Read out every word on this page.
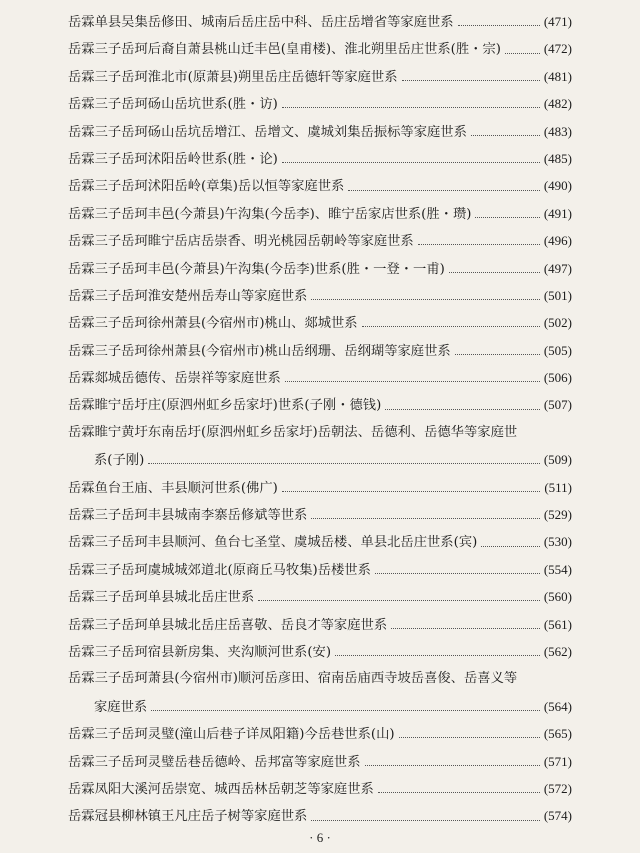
岳霖单县吴集岳修田、城南后岳庄岳中科、岳庄岳增省等家庭世系	(471)
岳霖三子岳珂后裔自萧县桃山迁丰邑(皇甫楼)、淮北朔里岳庄世系(胜・宗)	(472)
岳霖三子岳珂淮北市(原萧县)朔里岳庄岳德轩等家庭世系	(481)
岳霖三子岳珂砀山岳坑世系(胜・访)	(482)
岳霖三子岳珂砀山岳坑岳增江、岳增文、虞城刘集岳振标等家庭世系	(483)
岳霖三子岳珂沭阳岳岭世系(胜・论)	(485)
岳霖三子岳珂沭阳岳岭(章集)岳以恒等家庭世系	(490)
岳霖三子岳珂丰邑(今萧县)午沟集(今岳李)、睢宁岳家店世系(胜・瓒)	(491)
岳霖三子岳珂睢宁岳店岳崇香、明光桃园岳朝岭等家庭世系	(496)
岳霖三子岳珂丰邑(今萧县)午沟集(今岳李)世系(胜・一登・一甫)	(497)
岳霖三子岳珂淮安楚州岳寿山等家庭世系	(501)
岳霖三子岳珂徐州萧县(今宿州市)桃山、郯城世系	(502)
岳霖三子岳珂徐州萧县(今宿州市)桃山岳纲珊、岳纲瑚等家庭世系	(505)
岳霖郯城岳德传、岳崇祥等家庭世系	(506)
岳霖睢宁岳圩庄(原泗州虹乡岳家圩)世系(子刚・德钱)	(507)
岳霖睢宁黄圩东南岳圩(原泗州虹乡岳家圩)岳朝法、岳德利、岳德华等家庭世
系(子刚)	(509)
岳霖鱼台王庙、丰县顺河世系(佛广)	(511)
岳霖三子岳珂丰县城南李寨岳修斌等世系	(529)
岳霖三子岳珂丰县顺河、鱼台七圣堂、虞城岳楼、单县北岳庄世系(宾)	(530)
岳霖三子岳珂虞城城郊道北(原商丘马牧集)岳楼世系	(554)
岳霖三子岳珂单县城北岳庄世系	(560)
岳霖三子岳珂单县城北岳庄岳喜敬、岳良才等家庭世系	(561)
岳霖三子岳珂宿县新房集、夹沟顺河世系(安)	(562)
岳霖三子岳珂萧县(今宿州市)顺河岳彦田、宿南岳庙西寺坡岳喜俊、岳喜义等
家庭世系	(564)
岳霖三子岳珂灵璧(潼山后巷子详凤阳籍)今岳巷世系(山)	(565)
岳霖三子岳珂灵璧岳巷岳德岭、岳邦富等家庭世系	(571)
岳霖凤阳大溪河岳崇宽、城西岳林岳朝芝等家庭世系	(572)
岳霖冠县柳林镇王凡庄岳子树等家庭世系	(574)
· 6 ·
